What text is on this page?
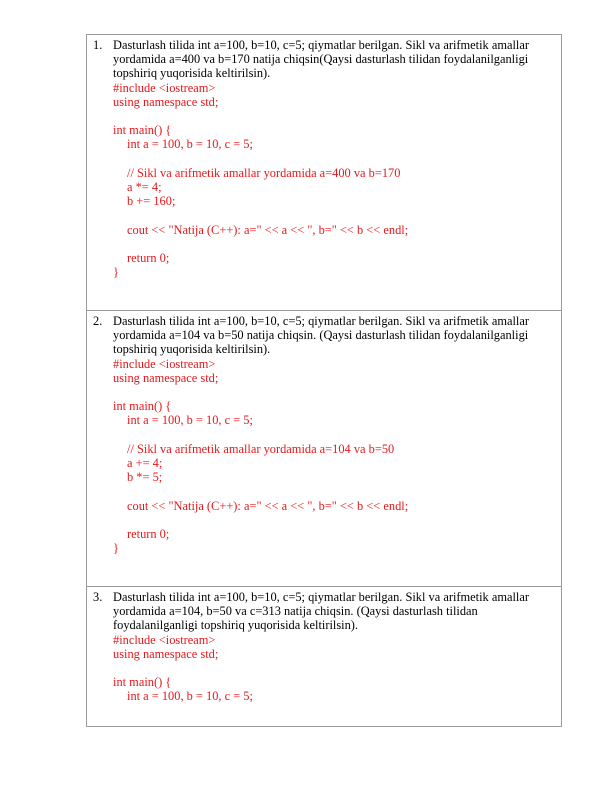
1. Dasturlash tilida int a=100, b=10, c=5; qiymatlar berilgan. Sikl va arifmetik amallar yordamida a=400 va b=170 natija chiqsin(Qaysi dasturlash tilidan foydalanilganligi topshiriq yuqorisida keltirilsin).

#include <iostream>
using namespace std;
int main() {
int a = 100, b = 10, c = 5;
// Sikl va arifmetik amallar yordamida a=400 va b=170
a *= 4;
b += 160;
cout << "Natija (C++): a=" << a << ", b=" << b << endl;
return 0;
}
2. Dasturlash tilida int a=100, b=10, c=5; qiymatlar berilgan. Sikl va arifmetik amallar yordamida a=104 va b=50 natija chiqsin. (Qaysi dasturlash tilidan foydalanilganligi topshiriq yuqorisida keltirilsin).

#include <iostream>
using namespace std;
int main() {
int a = 100, b = 10, c = 5;
// Sikl va arifmetik amallar yordamida a=104 va b=50
a += 4;
b *= 5;
cout << "Natija (C++): a=" << a << ", b=" << b << endl;
return 0;
}
3. Dasturlash tilida int a=100, b=10, c=5; qiymatlar berilgan. Sikl va arifmetik amallar yordamida a=104, b=50 va c=313 natija chiqsin. (Qaysi dasturlash tilidan foydalanilganligi topshiriq yuqorisida keltirilsin).

#include <iostream>
using namespace std;
int main() {
int a = 100, b = 10, c = 5;
